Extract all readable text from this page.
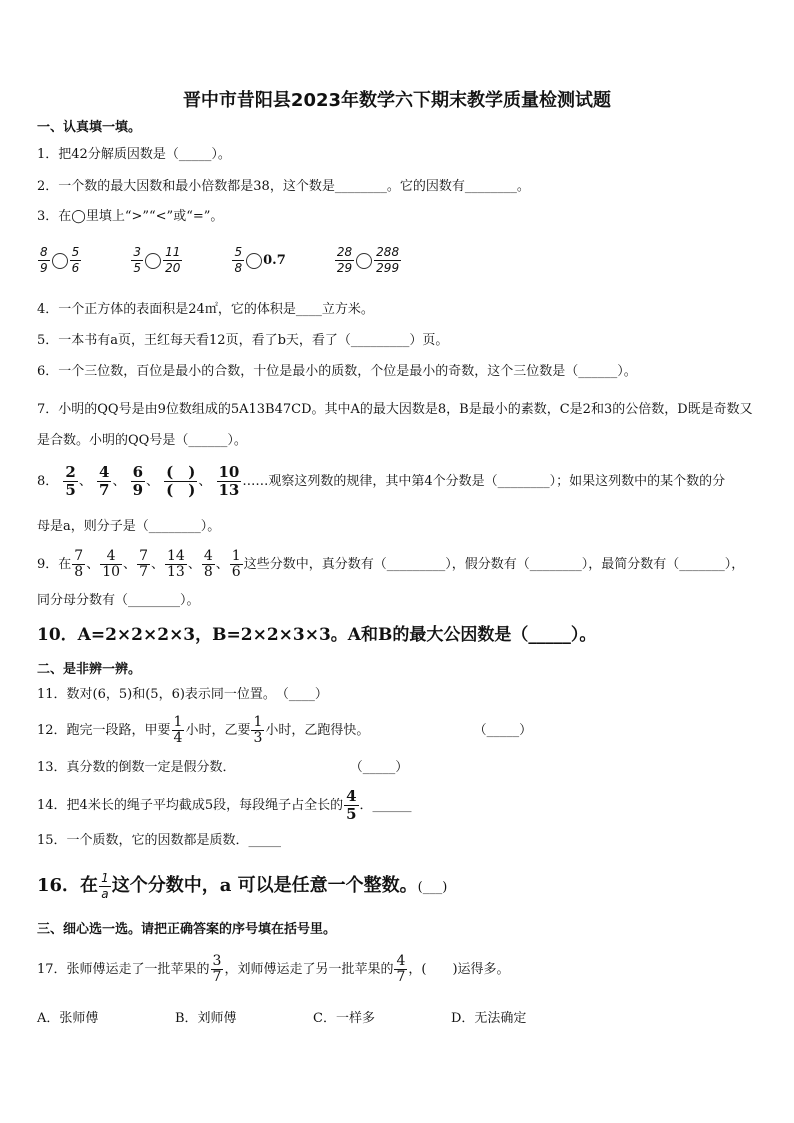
晋中市昔阳县2023年数学六下期末教学质量检测试题
一、认真填一填。
1．把42分解质因数是（_____）。
2．一个数的最大因数和最小倍数都是38，这个数是________。它的因数有________。
3．在◯里填上“>”“<”或“=”。
$\frac{8}{9} \frac{5}{6}$
	$\frac{3}{5} \frac{11}{20}$
	$\frac{5}{8} 0.7$
	$\frac{28}{29} \frac{288}{299}$
4．一个正方体的表面积是24㎡，它的体积是____立方米。
5．一本书有a页，王红每天看12页，看了b天，看了（_________）页。
6．一个三位数，百位是最小的合数，十位是最小的质数，个位是最小的奇数，这个三位数是（______）。
7．小明的QQ号是由9位数组成的5A13B47CD。其中A的最大因数是8，B是最小的素数，C是2和3的公倍数，D既是奇数又是合数。小明的QQ号是（______）。
8． $\frac{2}{5}$ 、 $\frac{4}{7}$ 、 $\frac{6}{9}$ 、 $\frac{( )}{( )}$ 、 $\frac{10}{13}$ ……观察这列数的规律，其中第4个分数是（________）；如果这列数中的某个数的分
母是a，则分子是（________）。
9．在 $\frac{7}{8}$ 、 $\frac{4}{10}$ 、 $\frac{7}{7}$ 、 $\frac{14}{13}$ 、 $\frac{4}{8}$ 、 $\frac{1}{6}$ 这些分数中，真分数有（_________），假分数有（________），最简分数有（_______），
同分母分数有（________）。
10．A=2×2×2×3，B=2×2×3×3。A和B的最大公因数是（_____）。
二、是非辨一辨。
11．数对(6，5)和(5，6)表示同一位置。　（____）
12．跑完一段路，甲要 $\frac{1}{4}$ 小时，乙要 $\frac{1}{3}$ 小时，乙跑得快。	（_____）
13．真分数的倒数一定是假分数．	（_____）
14．把4米长的绳子平均截成5段，每段绳子占全长的 $\frac{4}{5}$ ．______
15．一个质数，它的因数都是质数．_____
16．在 $\frac{1}{a}$ 这个分数中，a 可以是任意一个整数。(___)
三、细心选一选。请把正确答案的序号填在括号里。
17．张师傅运走了一批苹果的 $\frac{3}{7}$ ，刘师傅运走了另一批苹果的 $\frac{4}{7}$ ，(　　)运得多。
A．张师傅	B．刘师傅	C．一样多	D．无法确定
